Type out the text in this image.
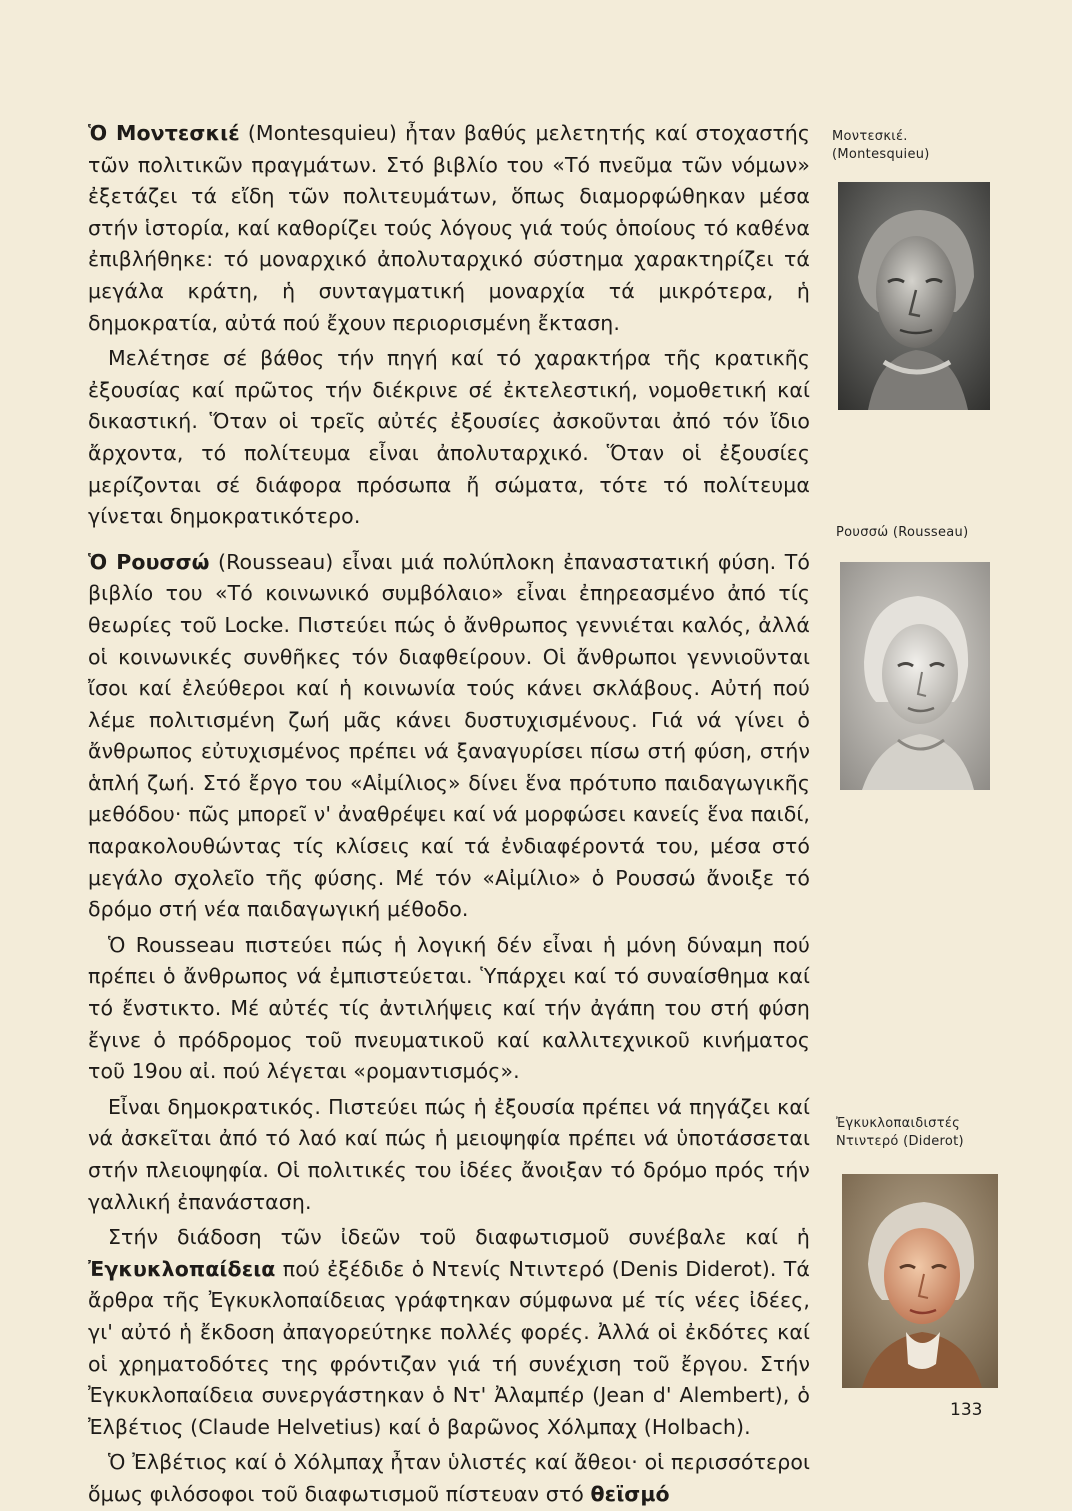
Ὁ Μοντεσκιέ (Montesquieu) ἦταν βαθύς μελετητής καί στοχαστής τῶν πολιτικῶν πραγμάτων. Στό βιβλίο του «Τό πνεῦμα τῶν νόμων» ἐξετάζει τά εἴδη τῶν πολιτευμάτων, ὅπως διαμορφώθηκαν μέσα στήν ἱστορία, καί καθορίζει τούς λόγους γιά τούς ὁποίους τό καθένα ἐπιβλήθηκε: τό μοναρχικό ἀπολυταρχικό σύστημα χαρακτηρίζει τά μεγάλα κράτη, ἡ συνταγματική μοναρχία τά μικρότερα, ἡ δημοκρατία, αὐτά πού ἔχουν περιορισμένη ἔκταση.

Μελέτησε σέ βάθος τήν πηγή καί τό χαρακτήρα τῆς κρατικῆς ἐξουσίας καί πρῶτος τήν διέκρινε σέ ἐκτελεστική, νομοθετική καί δικαστική. Ὅταν οἱ τρεῖς αὐτές ἐξουσίες ἀσκοῦνται ἀπό τόν ἴδιο ἄρχοντα, τό πολίτευμα εἶναι ἀπολυταρχικό. Ὅταν οἱ ἐξουσίες μερίζονται σέ διάφορα πρόσωπα ἤ σώματα, τότε τό πολίτευμα γίνεται δημοκρατικότερο.

Ὁ Ρουσσώ (Rousseau) εἶναι μιά πολύπλοκη ἐπαναστατική φύση. Τό βιβλίο του «Τό κοινωνικό συμβόλαιο» εἶναι ἐπηρεασμένο ἀπό τίς θεωρίες τοῦ Locke. Πιστεύει πώς ὁ ἄνθρωπος γεννιέται καλός, ἀλλά οἱ κοινωνικές συνθῆκες τόν διαφθείρουν. Οἱ ἄνθρωποι γεννιοῦνται ἴσοι καί ἐλεύθεροι καί ἡ κοινωνία τούς κάνει σκλάβους. Αὐτή πού λέμε πολιτισμένη ζωή μᾶς κάνει δυστυχισμένους. Γιά νά γίνει ὁ ἄνθρωπος εὐτυχισμένος πρέπει νά ξαναγυρίσει πίσω στή φύση, στήν ἁπλή ζωή. Στό ἔργο του «Αἰμίλιος» δίνει ἕνα πρότυπο παιδαγωγικῆς μεθόδου· πῶς μπορεῖ ν' ἀναθρέψει καί νά μορφώσει κανείς ἕνα παιδί, παρακολουθώντας τίς κλίσεις καί τά ἐνδιαφέροντά του, μέσα στό μεγάλο σχολεῖο τῆς φύσης. Μέ τόν «Αἰμίλιο» ὁ Ρουσσώ ἄνοιξε τό δρόμο στή νέα παιδαγωγική μέθοδο.

Ὁ Rousseau πιστεύει πώς ἡ λογική δέν εἶναι ἡ μόνη δύναμη πού πρέπει ὁ ἄνθρωπος νά ἐμπιστεύεται. Ὑπάρχει καί τό συναίσθημα καί τό ἔνστικτο. Μέ αὐτές τίς ἀντιλήψεις καί τήν ἀγάπη του στή φύση ἔγινε ὁ πρόδρομος τοῦ πνευματικοῦ καί καλλιτεχνικοῦ κινήματος τοῦ 19ου αἰ. πού λέγεται «ρομαντισμός».

Εἶναι δημοκρατικός. Πιστεύει πώς ἡ ἐξουσία πρέπει νά πηγάζει καί νά ἀσκεῖται ἀπό τό λαό καί πώς ἡ μειοψηφία πρέπει νά ὑποτάσσεται στήν πλειοψηφία. Οἱ πολιτικές του ἰδέες ἄνοιξαν τό δρόμο πρός τήν γαλλική ἐπανάσταση.

Στήν διάδοση τῶν ἰδεῶν τοῦ διαφωτισμοῦ συνέβαλε καί ἡ Ἐγκυκλοπαίδεια πού ἐξέδιδε ὁ Ντενίς Ντιντερό (Denis Diderot). Τά ἄρθρα τῆς Ἐγκυκλοπαίδειας γράφτηκαν σύμφωνα μέ τίς νέες ἰδέες, γι' αὐτό ἡ ἔκδοση ἀπαγορεύτηκε πολλές φορές. Ἀλλά οἱ ἐκδότες καί οἱ χρηματοδότες της φρόντιζαν γιά τή συνέχιση τοῦ ἔργου. Στήν Ἐγκυκλοπαίδεια συνεργάστηκαν ὁ Ντ' Ἀλαμπέρ (Jean d' Alembert), ὁ Ἐλβέτιος (Claude Helvetius) καί ὁ βαρῶνος Χόλμπαχ (Holbach).

Ὁ Ἐλβέτιος καί ὁ Χόλμπαχ ἦταν ὑλιστές καί ἄθεοι· οἱ περισσότεροι ὅμως φιλόσοφοι τοῦ διαφωτισμοῦ πίστευαν στό θεϊσμό

Μοντεσκιέ.
(Montesquieu)
Ρουσσώ (Rousseau)
Ἐγκυκλοπαιδιστές
Ντιντερό (Diderot)
133
